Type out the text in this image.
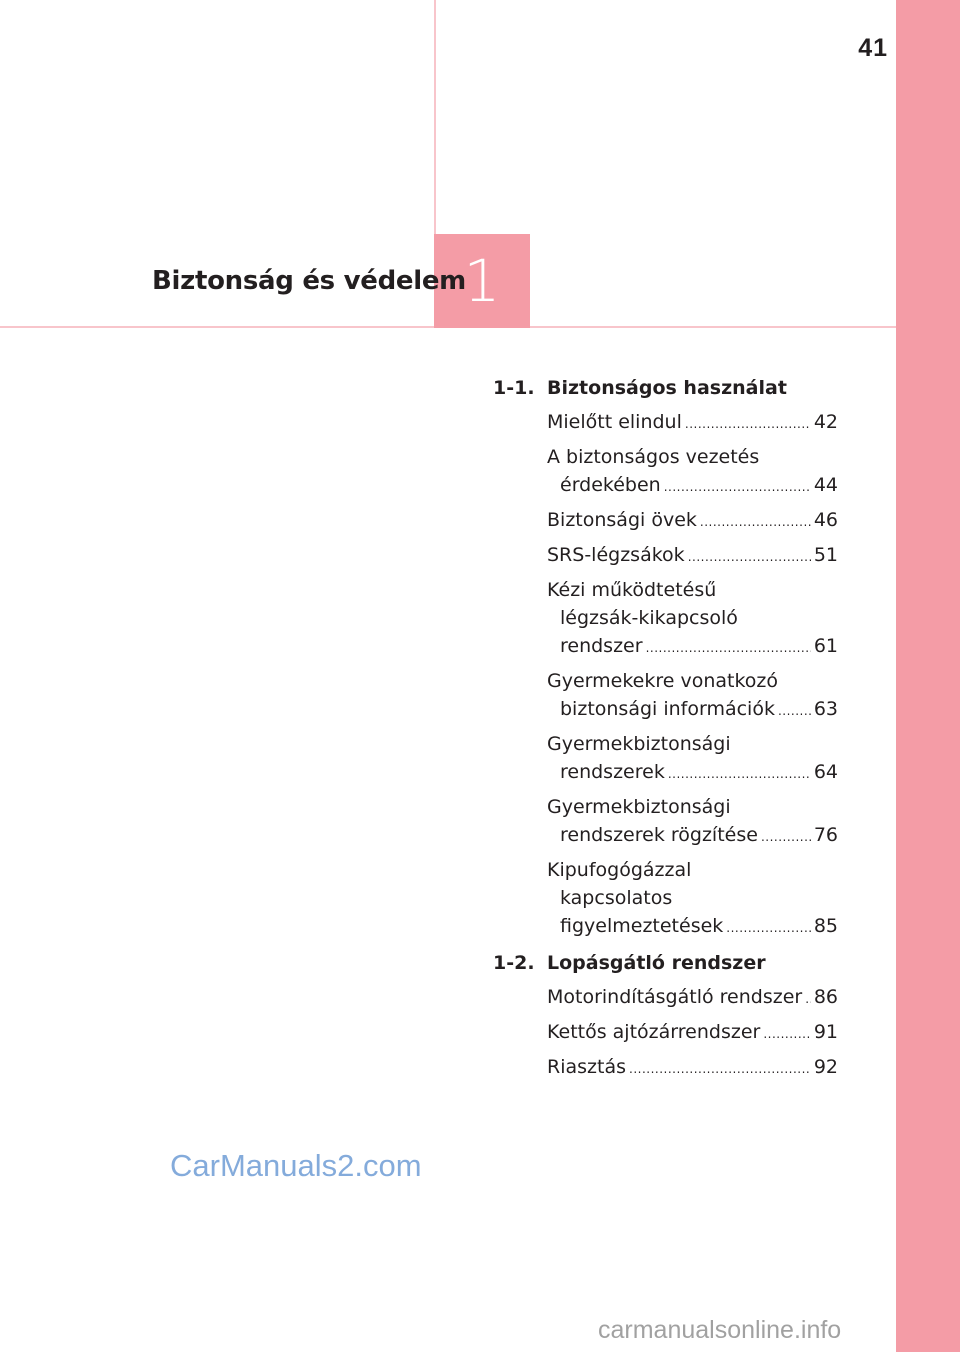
41
1
Biztonság és védelem
1-1. Biztonságos használat
Mielőtt elindul .....	42
A biztonságos vezetés
érdekében .....	44
Biztonsági övek .....	46
SRS-légzsákok .....	51
Kézi működtetésű
légzsák-kikapcsoló
rendszer .....	61
Gyermekekre vonatkozó
biztonsági információk ..... 63
Gyermekbiztonsági
rendszerek .....	64
Gyermekbiztonsági
rendszerek rögzítése .....	76
Kipufogógázzal
kapcsolatos
figyelmeztetések .....	85
1-2. Lopásgátló rendszer
Motorindításgátló rendszer ..... 86
Kettős ajtózárrendszer .....	91
Riasztás .....	92
CarManuals2.com
carmanualsonline.info
